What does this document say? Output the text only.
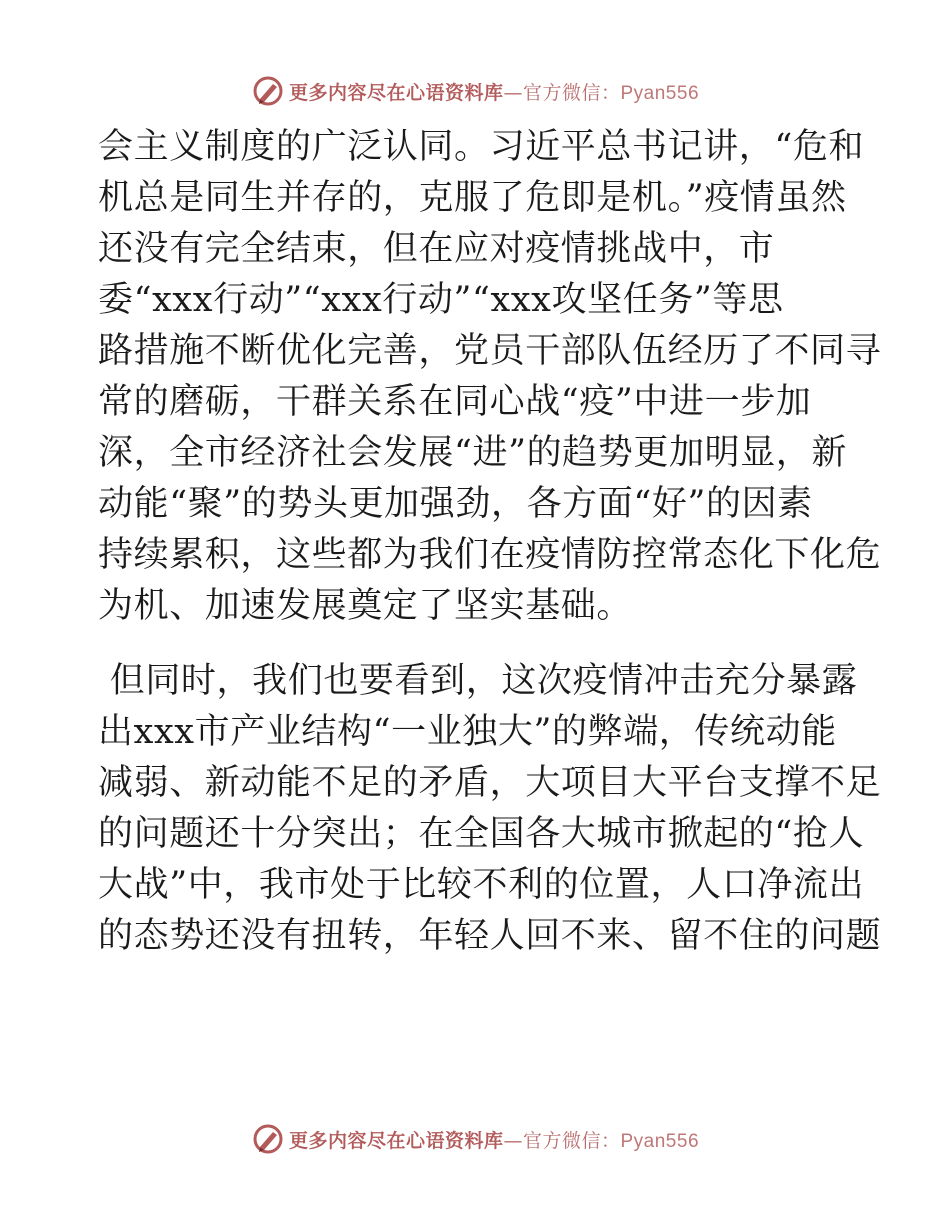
更多内容尽在心语资料库—官方微信：Pyan556
会主义制度的广泛认同。习近平总书记讲，“危和
机总是同生并存的，克服了危即是机。”疫情虽然
还没有完全结束，但在应对疫情挑战中，市
委“xxx行动”“xxx行动”“xxx攻坚任务”等思
路措施不断优化完善，党员干部队伍经历了不同寻
常的磨砺，干群关系在同心战“疫”中进一步加
深，全市经济社会发展“进”的趋势更加明显，新
动能“聚”的势头更加强劲，各方面“好”的因素
持续累积，这些都为我们在疫情防控常态化下化危
为机、加速发展奠定了坚实基础。
但同时，我们也要看到，这次疫情冲击充分暴露
出xxx市产业结构“一业独大”的弊端，传统动能
减弱、新动能不足的矛盾，大项目大平台支撑不足
的问题还十分突出；在全国各大城市掀起的“抢人
大战”中，我市处于比较不利的位置，人口净流出
的态势还没有扭转，年轻人回不来、留不住的问题
更多内容尽在心语资料库—官方微信：Pyan556
